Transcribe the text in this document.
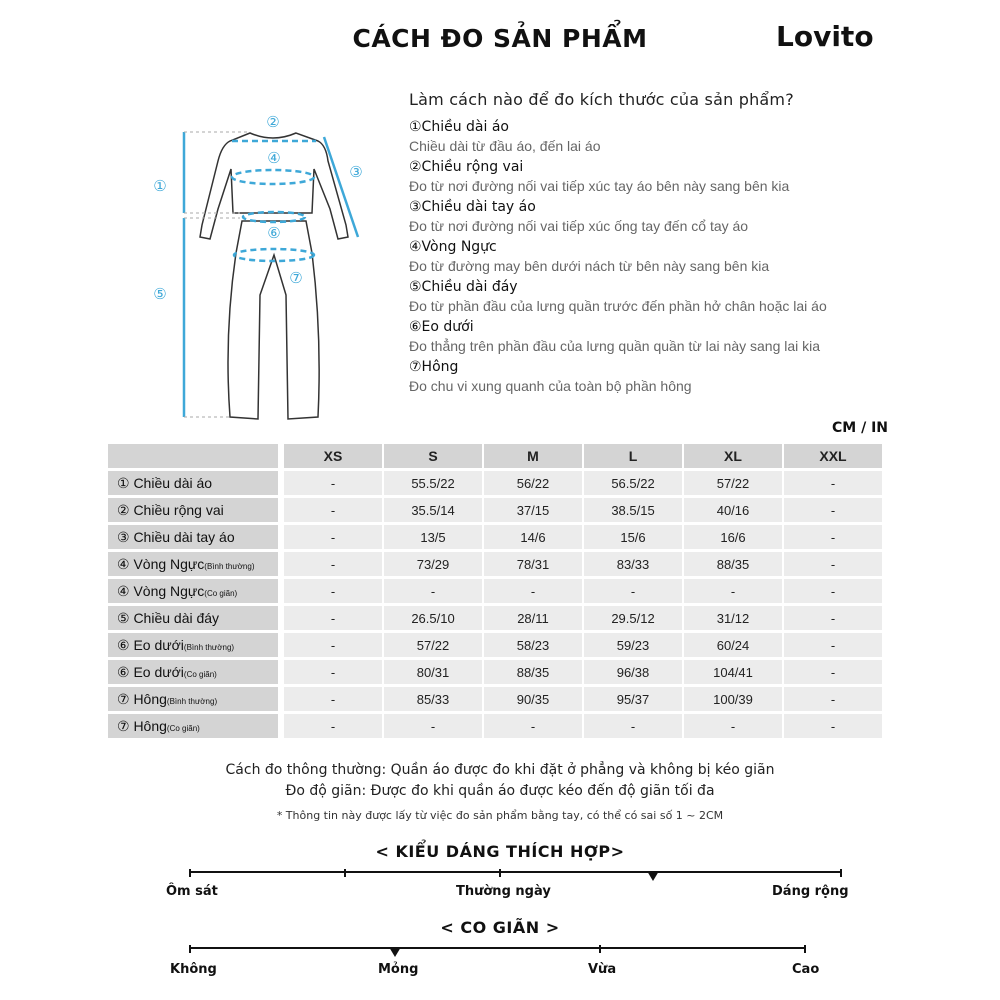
CÁCH ĐO SẢN PHẨM	Lovito
①
②
③
④
⑤
⑥
⑦
Làm cách nào để đo kích thước của sản phẩm?
①Chiều dài áo
Chiều dài từ đầu áo, đến lai áo
②Chiều rộng vai
Đo từ nơi đường nối vai tiếp xúc tay áo bên này sang bên kia
③Chiều dài tay áo
Đo từ nơi đường nối vai tiếp xúc ống tay đến cổ tay áo
④Vòng Ngực
Đo từ đường may bên dưới nách từ bên này sang bên kia
⑤Chiều dài đáy
Đo từ phần đầu của lưng quần trước đến phần hở chân hoặc lai áo
⑥Eo dưới
Đo thẳng trên phần đầu của lưng quần quần từ lai này sang lai kia
⑦Hông
Đo chu vi xung quanh của toàn bộ phần hông
CM / IN
		XS		S		M		L		XL		XXL
① Chiều dài áo		-		55.5/22		56/22		56.5/22		57/22		-
② Chiều rộng vai		-		35.5/14		37/15		38.5/15		40/16		-
③ Chiều dài tay áo		-		13/5		14/6		15/6		16/6		-
④ Vòng Ngực(Bình thường)		-		73/29		78/31		83/33		88/35		-
④ Vòng Ngực(Co giãn)		-		-		-		-		-		-
⑤ Chiều dài đáy		-		26.5/10		28/11		29.5/12		31/12		-
⑥ Eo dưới(Bình thường)		-		57/22		58/23		59/23		60/24		-
⑥ Eo dưới(Co giãn)		-		80/31		88/35		96/38		104/41		-
⑦ Hông(Bình thường)		-		85/33		90/35		95/37		100/39		-
⑦ Hông(Co giãn)		-		-		-		-		-		-
Cách đo thông thường: Quần áo được đo khi đặt ở phẳng và không bị kéo giãn
Đo độ giãn: Được đo khi quần áo được kéo đến độ giãn tối đa
* Thông tin này được lấy từ việc đo sản phẩm bằng tay, có thể có sai số 1 ~ 2CM
< KIỂU DÁNG THÍCH HỢP>
Ôm sát	Thường ngày	Dáng rộng
< CO GIÃN >
Không	Mỏng	Vừa	Cao
